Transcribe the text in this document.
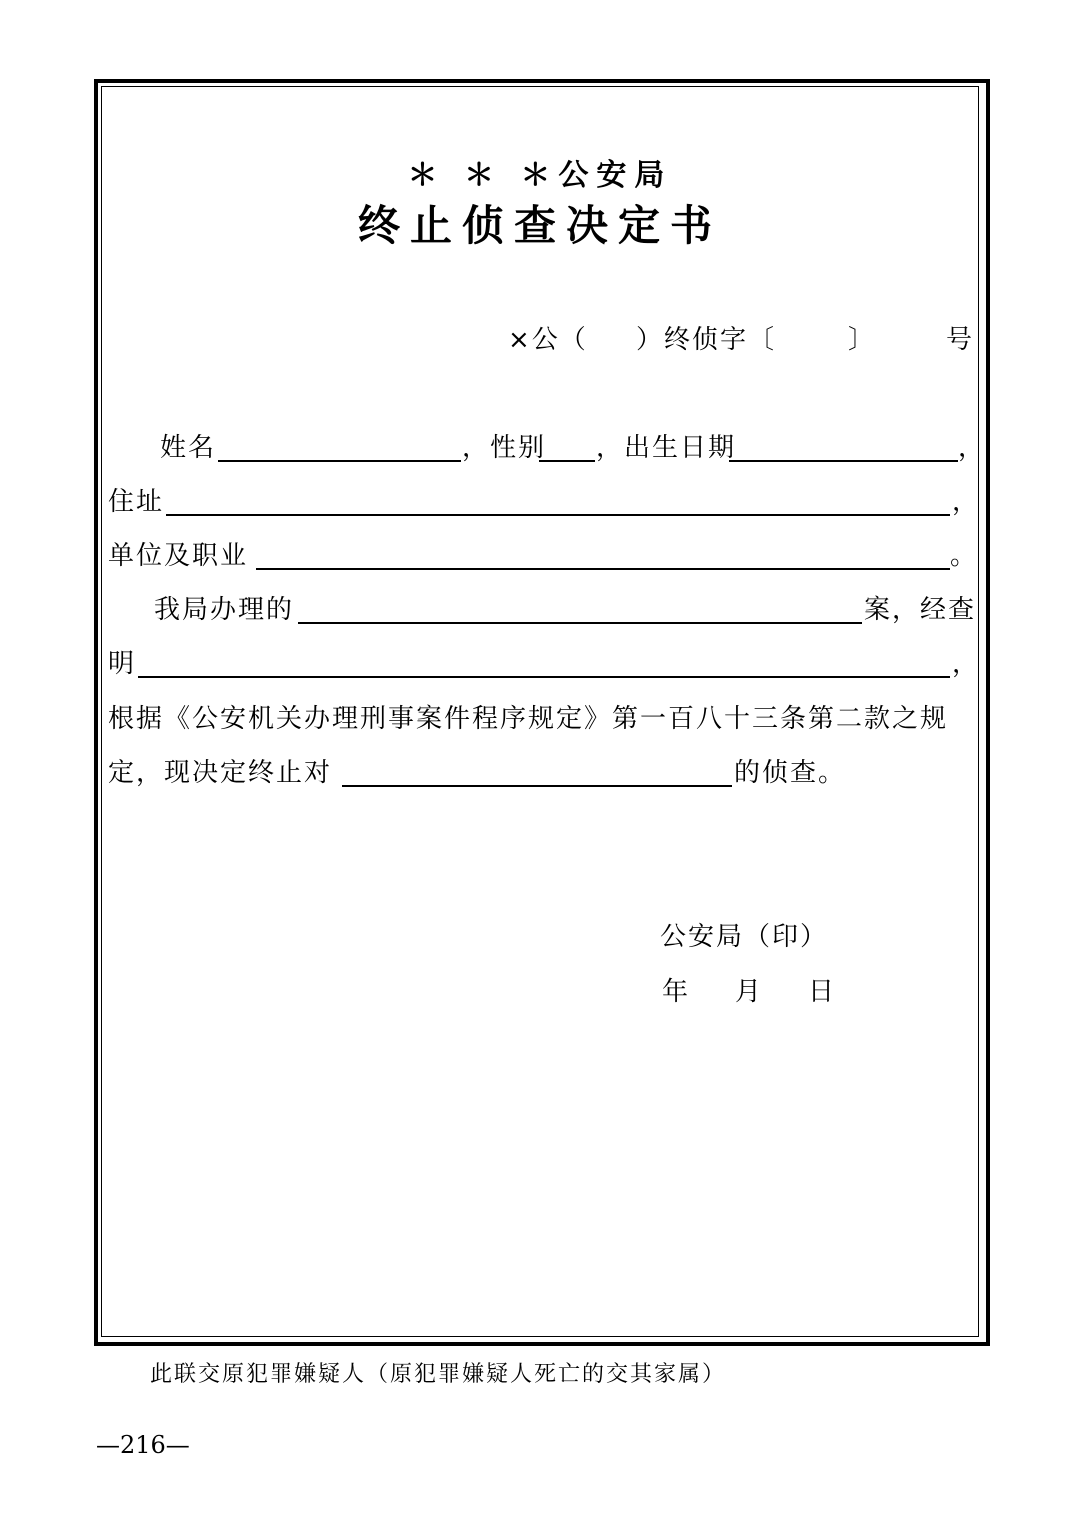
＊ ＊ ＊公安局
终止侦查决定书
×公（ ）终侦字〔	〕	号
姓名	，性别 ，出生日期	，
住址	，
单位及职业	。
我局办理的	案，经查
明	，
根据《公安机关办理刑事案件程序规定》第一百八十三条第二款之规
定，现决定终止对	的侦查。
公安局（印）
年 月 日
此联交原犯罪嫌疑人（原犯罪嫌疑人死亡的交其家属）
—216—
